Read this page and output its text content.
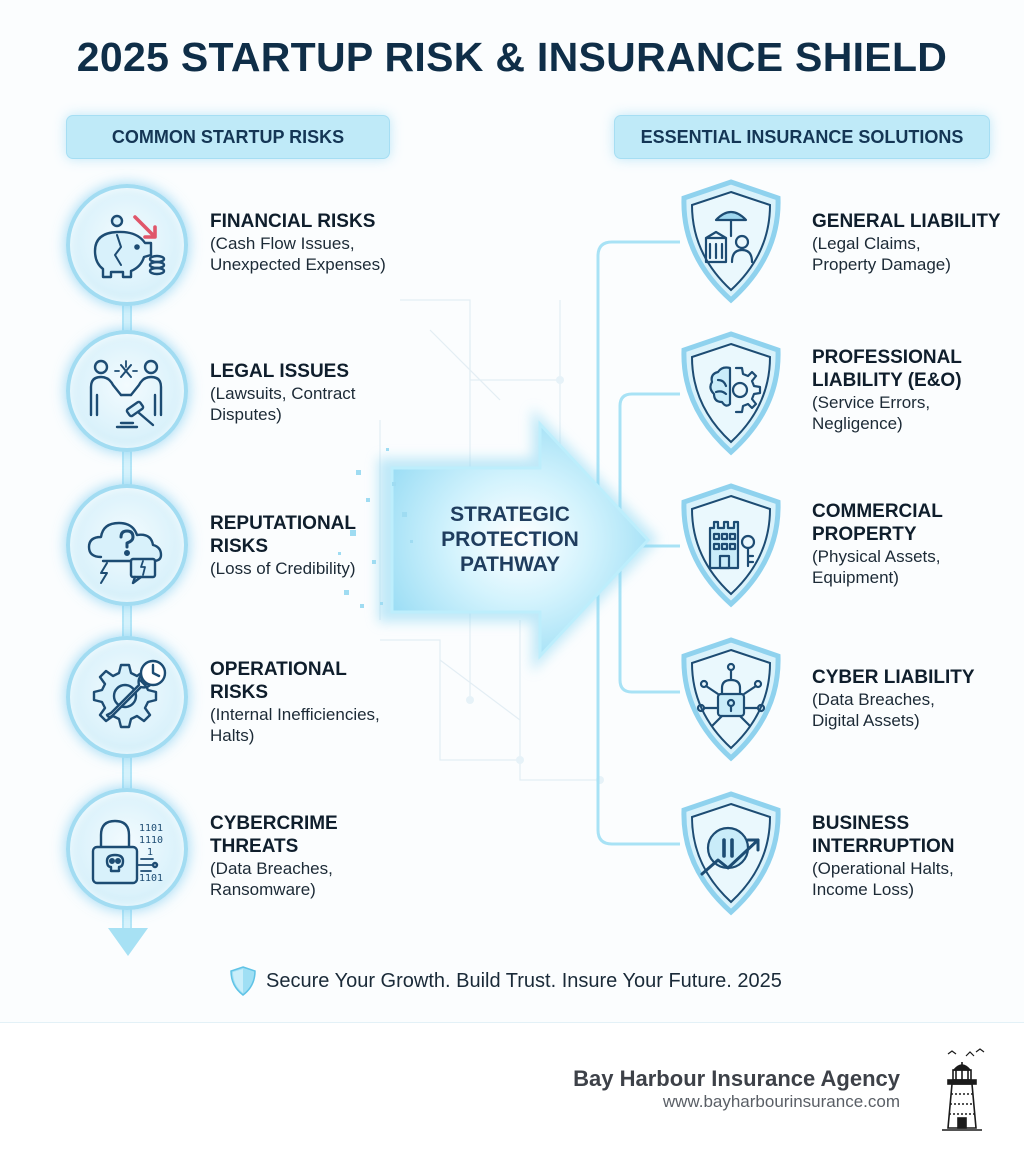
2025 STARTUP RISK & INSURANCE SHIELD
COMMON STARTUP RISKS	ESSENTIAL INSURANCE SOLUTIONS
FINANCIAL RISKS
(Cash Flow Issues,
Unexpected Expenses)
LEGAL ISSUES
(Lawsuits, Contract
Disputes)
REPUTATIONAL
RISKS
(Loss of Credibility)
OPERATIONAL
RISKS
(Internal Inefficiencies,
Halts)
1101
1110
1
1101
CYBERCRIME
THREATS
(Data Breaches,
Ransomware)
STRATEGIC
PROTECTION
PATHWAY
GENERAL LIABILITY
(Legal Claims,
Property Damage)
PROFESSIONAL
LIABILITY (E&O)
(Service Errors,
Negligence)
COMMERCIAL
PROPERTY
(Physical Assets,
Equipment)
CYBER LIABILITY
(Data Breaches,
Digital Assets)
BUSINESS
INTERRUPTION
(Operational Halts,
Income Loss)
Secure Your Growth. Build Trust. Insure Your Future. 2025
Bay Harbour Insurance Agency
www.bayharbourinsurance.com
